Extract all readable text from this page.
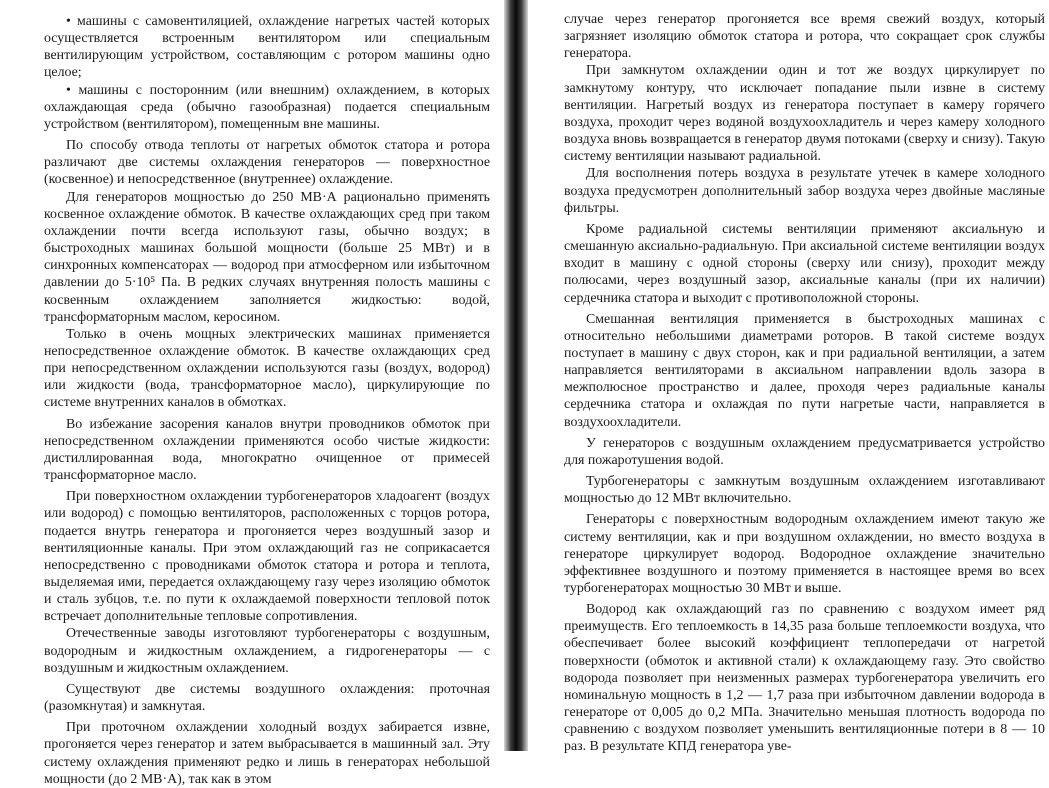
• машины с самовентиляцией, охлаждение нагретых частей которых осуществляется встроенным вентилятором или специальным вентилирующим устройством, составляющим с ротором машины одно целое;

• машины с посторонним (или внешним) охлаждением, в которых охлаждающая среда (обычно газообразная) подается специальным устройством (вентилятором), помещенным вне машины.

По способу отвода теплоты от нагретых обмоток статора и ротора различают две системы охлаждения генераторов — поверхностное (косвенное) и непосредственное (внутреннее) охлаждение.

Для генераторов мощностью до 250 МВ·А рационально применять косвенное охлаждение обмоток. В качестве охлаждающих сред при таком охлаждении почти всегда используют газы, обычно воздух; в быстроходных машинах большой мощности (больше 25 МВт) и в синхронных компенсаторах — водород при атмосферном или избыточном давлении до 5·10⁵ Па. В редких случаях внутренняя полость машины с косвенным охлаждением заполняется жидкостью: водой, трансформаторным маслом, керосином.

Только в очень мощных электрических машинах применяется непосредственное охлаждение обмоток. В качестве охлаждающих сред при непосредственном охлаждении используются газы (воздух, водород) или жидкости (вода, трансформаторное масло), циркулирующие по системе внутренних каналов в обмотках.

Во избежание засорения каналов внутри проводников обмоток при непосредственном охлаждении применяются особо чистые жидкости: дистиллированная вода, многократно очищенное от примесей трансформаторное масло.

При поверхностном охлаждении турбогенераторов хладоагент (воздух или водород) с помощью вентиляторов, расположенных с торцов ротора, подается внутрь генератора и прогоняется через воздушный зазор и вентиляционные каналы. При этом охлаждающий газ не соприкасается непосредственно с проводниками обмоток статора и ротора и теплота, выделяемая ими, передается охлаждающему газу через изоляцию обмоток и сталь зубцов, т.е. по пути к охлаждаемой поверхности тепловой поток встречает дополнительные тепловые сопротивления.

Отечественные заводы изготовляют турбогенераторы с воздушным, водородным и жидкостным охлаждением, а гидрогенераторы — с воздушным и жидкостным охлаждением.

Существуют две системы воздушного охлаждения: проточная (разомкнутая) и замкнутая.

При проточном охлаждении холодный воздух забирается извне, прогоняется через генератор и затем выбрасывается в машинный зал. Эту систему охлаждения применяют редко и лишь в генераторах небольшой мощности (до 2 МВ·А), так как в этом

случае через генератор прогоняется все время свежий воздух, который загрязняет изоляцию обмоток статора и ротора, что сокращает срок службы генератора.

При замкнутом охлаждении один и тот же воздух циркулирует по замкнутому контуру, что исключает попадание пыли извне в систему вентиляции. Нагретый воздух из генератора поступает в камеру горячего воздуха, проходит через водяной воздухоохладитель и через камеру холодного воздуха вновь возвращается в генератор двумя потоками (сверху и снизу). Такую систему вентиляции называют радиальной.

Для восполнения потерь воздуха в результате утечек в камере холодного воздуха предусмотрен дополнительный забор воздуха через двойные масляные фильтры.

Кроме радиальной системы вентиляции применяют аксиальную и смешанную аксиально-радиальную. При аксиальной системе вентиляции воздух входит в машину с одной стороны (сверху или снизу), проходит между полюсами, через воздушный зазор, аксиальные каналы (при их наличии) сердечника статора и выходит с противоположной стороны.

Смешанная вентиляция применяется в быстроходных машинах с относительно небольшими диаметрами роторов. В такой системе воздух поступает в машину с двух сторон, как и при радиальной вентиляции, а затем направляется вентиляторами в аксиальном направлении вдоль зазора в межполюсное пространство и далее, проходя через радиальные каналы сердечника статора и охлаждая по пути нагретые части, направляется в воздухоохладители.

У генераторов с воздушным охлаждением предусматривается устройство для пожаротушения водой.

Турбогенераторы с замкнутым воздушным охлаждением изготавливают мощностью до 12 МВт включительно.

Генераторы с поверхностным водородным охлаждением имеют такую же систему вентиляции, как и при воздушном охлаждении, но вместо воздуха в генераторе циркулирует водород. Водородное охлаждение значительно эффективнее воздушного и поэтому применяется в настоящее время во всех турбогенераторах мощностью 30 МВт и выше.

Водород как охлаждающий газ по сравнению с воздухом имеет ряд преимуществ. Его теплоемкость в 14,35 раза больше теплоемкости воздуха, что обеспечивает более высокий коэффициент теплопередачи от нагретой поверхности (обмоток и активной стали) к охлаждающему газу. Это свойство водорода позволяет при неизменных размерах турбогенератора увеличить его номинальную мощность в 1,2 — 1,7 раза при избыточном давлении водорода в генераторе от 0,005 до 0,2 МПа. Значительно меньшая плотность водорода по сравнению с воздухом позволяет уменьшить вентиляционные потери в 8 — 10 раз. В результате КПД генератора уве-
